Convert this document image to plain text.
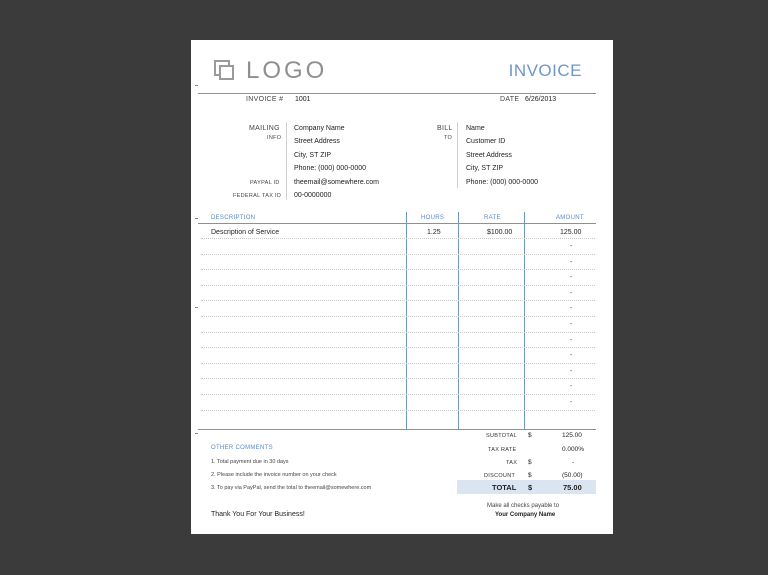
LOGO	INVOICE
INVOICE # 1001	DATE 6/26/2013
MAILING
INFO
Company Name
Street Address
City, ST ZIP
Phone: (000) 000-0000
PAYPAL ID theemail@somewhere.com
FEDERAL TAX ID 00-0000000
BILL
TO
Name
Customer ID
Street Address
City, ST ZIP
Phone: (000) 000-0000
DESCRIPTION	HOURS	RATE	AMOUNT
Description of Service	1.25	$100.00	125.00
-
-
-
-
-
-
-
-
-
-
-
SUBTOTAL $	125.00
TAX RATE	0.000%
TAX $	-
DISCOUNT $	(50.00)
TOTAL $	75.00
OTHER COMMENTS
1. Total payment due in 30 days
2. Please include the invoice number on your check
3. To pay via PayPal, send the total to theemail@somewhere.com
Thank You For Your Business!
Make all checks payable to
Your Company Name
